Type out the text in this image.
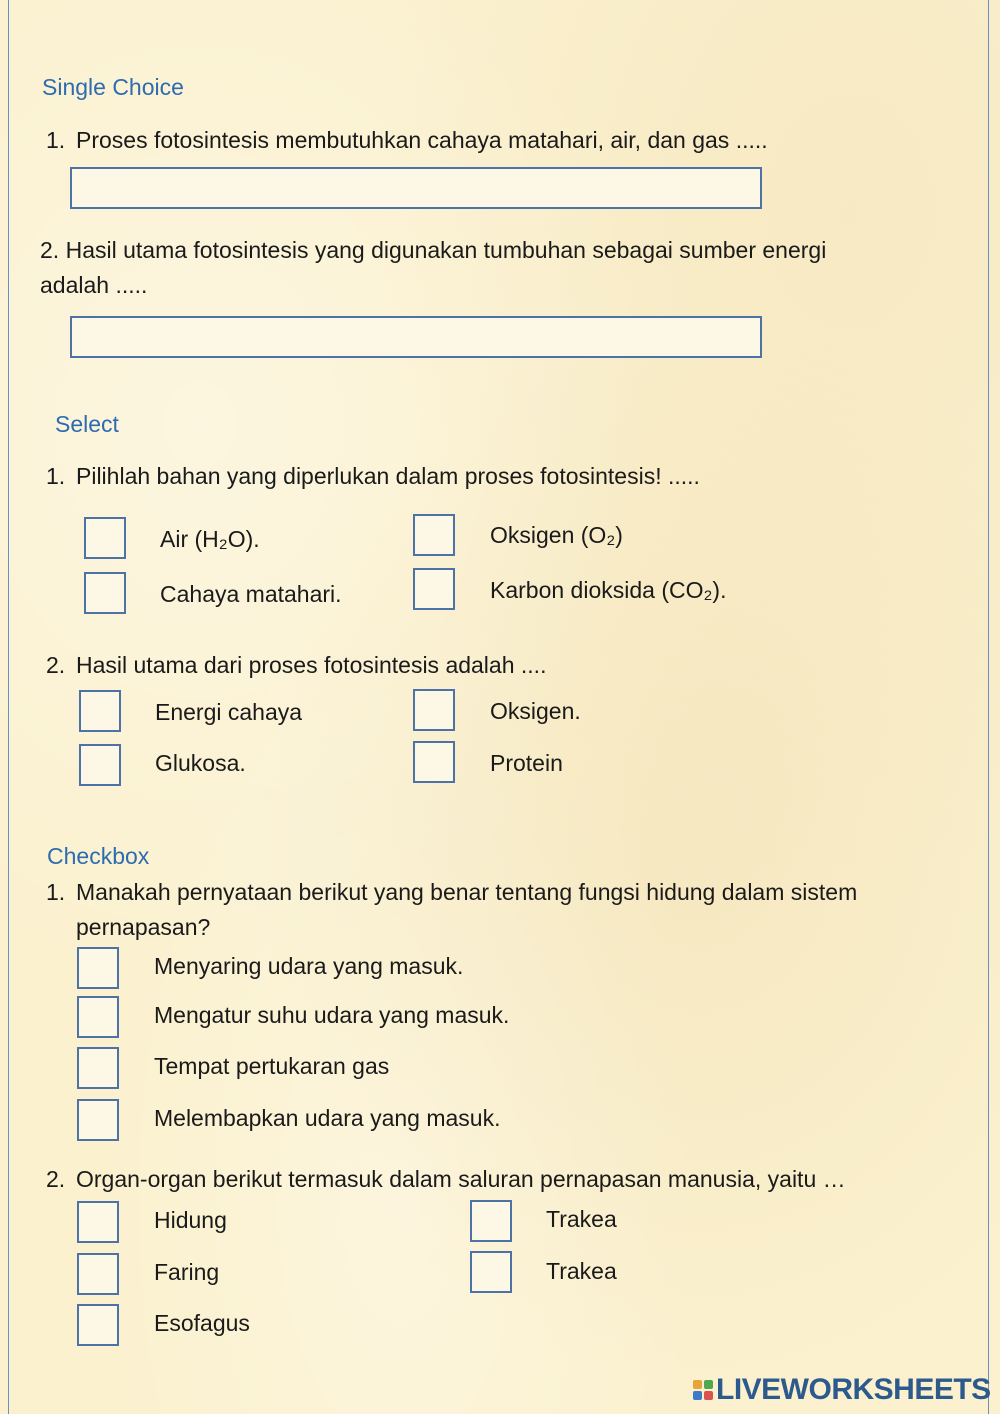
Single Choice
1. Proses fotosintesis membutuhkan cahaya matahari, air, dan gas .....
2. Hasil utama fotosintesis yang digunakan tumbuhan sebagai sumber energi
adalah .....
Select
1. Pilihlah bahan yang diperlukan dalam proses fotosintesis! .....
Air (H₂O).	Oksigen (O₂)
Cahaya matahari.	Karbon dioksida (CO₂).
2. Hasil utama dari proses fotosintesis adalah ....
Energi cahaya	Oksigen.
Glukosa.	Protein
Checkbox
1. Manakah pernyataan berikut yang benar tentang fungsi hidung dalam sistem
pernapasan?
Menyaring udara yang masuk.
Mengatur suhu udara yang masuk.
Tempat pertukaran gas
Melembapkan udara yang masuk.
2. Organ-organ berikut termasuk dalam saluran pernapasan manusia, yaitu …
Hidung	Trakea
Faring	Trakea
Esofagus
LIVEWORKSHEETS
